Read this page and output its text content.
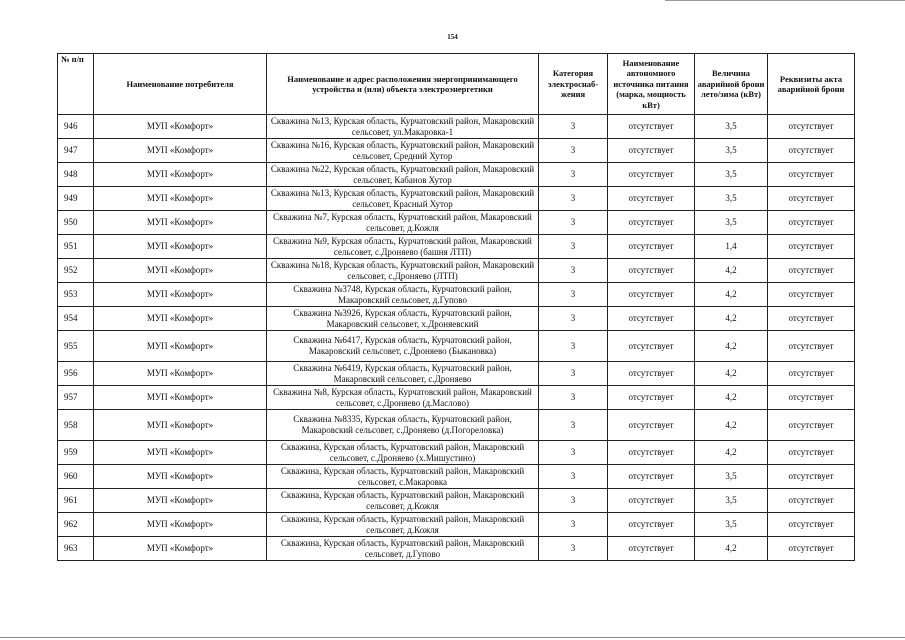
154
№ п/п	Наименование потребителя	Наименование и адрес расположения энергопринимающего устройства и (или) объекта электроэнергетики	Категория электроснаб-жения	Наименование автономного источника питания (марка, мощность кВт)	Величина аварийной брони лето/зима (кВт)	Реквизиты акта аварийной брони
946	МУП «Комфорт»	Скважина №13, Курская область, Курчатовский район, Макаровский сельсовет, ул.Макаровка-1	3	отсутствует	3,5	отсутствует
947	МУП «Комфорт»	Скважина №16, Курская область, Курчатовский район, Макаровский сельсовет, Средний Хутор	3	отсутствует	3,5	отсутствует
948	МУП «Комфорт»	Скважина №22, Курская область, Курчатовский район, Макаровский сельсовет, Кабанов Хутор	3	отсутствует	3,5	отсутствует
949	МУП «Комфорт»	Скважина №13, Курская область, Курчатовский район, Макаровский сельсовет, Красный Хутор	3	отсутствует	3,5	отсутствует
950	МУП «Комфорт»	Скважина №7, Курская область, Курчатовский район, Макаровский сельсовет, д.Кожля	3	отсутствует	3,5	отсутствует
951	МУП «Комфорт»	Скважина №9, Курская область, Курчатовский район, Макаровский сельсовет, с.Дроняево (башня ЛТП)	3	отсутствует	1,4	отсутствует
952	МУП «Комфорт»	Скважина №18, Курская область, Курчатовский район, Макаровский сельсовет, с.Дроняево (ЛТП)	3	отсутствует	4,2	отсутствует
953	МУП «Комфорт»	Скважина №3748, Курская область, Курчатовский район, Макаровский сельсовет, д.Гупово	3	отсутствует	4,2	отсутствует
954	МУП «Комфорт»	Скважина №3926, Курская область, Курчатовский район, Макаровский сельсовет, х.Дроняевский	3	отсутствует	4,2	отсутствует
955	МУП «Комфорт»	Скважина №6417, Курская область, Курчатовский район, Макаровский сельсовет, с.Дроняево (Быкановка)	3	отсутствует	4,2	отсутствует
956	МУП «Комфорт»	Скважина №6419, Курская область, Курчатовский район, Макаровский сельсовет, с.Дроняево	3	отсутствует	4,2	отсутствует
957	МУП «Комфорт»	Скважина №8, Курская область, Курчатовский район, Макаровский сельсовет, с.Дроняево (д.Маслово)	3	отсутствует	4,2	отсутствует
958	МУП «Комфорт»	Скважина №8335, Курская область, Курчатовский район, Макаровский сельсовет, с.Дроняево (д.Погореловка)	3	отсутствует	4,2	отсутствует
959	МУП «Комфорт»	Скважина, Курская область, Курчатовский район, Макаровский сельсовет, с.Дроняево (х.Мишустино)	3	отсутствует	4,2	отсутствует
960	МУП «Комфорт»	Скважина, Курская область, Курчатовский район, Макаровский сельсовет, с.Макаровка	3	отсутствует	3,5	отсутствует
961	МУП «Комфорт»	Скважина, Курская область, Курчатовский район, Макаровский сельсовет, д.Кожля	3	отсутствует	3,5	отсутствует
962	МУП «Комфорт»	Скважина, Курская область, Курчатовский район, Макаровский сельсовет, д.Кожля	3	отсутствует	3,5	отсутствует
963	МУП «Комфорт»	Скважина, Курская область, Курчатовский район, Макаровский сельсовет, д.Гупово	3	отсутствует	4,2	отсутствует
